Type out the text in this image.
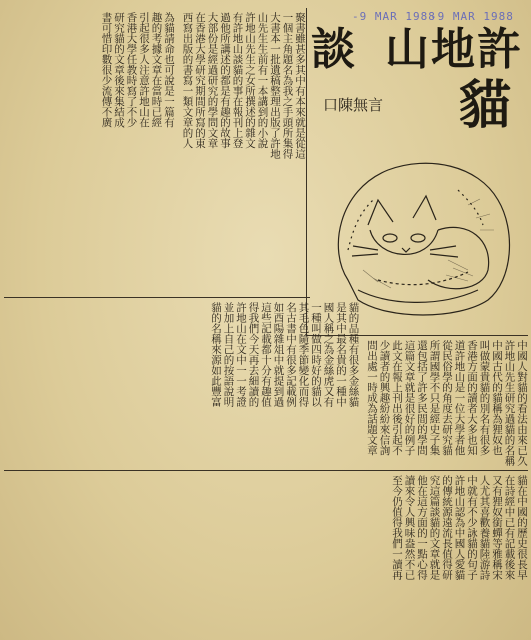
-9 MAR 1988
-9 MAR 1988
許
地
山
談
貓
口陳無言
聚書雖甚多其中有本來就是從這
一個主角題名為我之手頭所集得
大書本一批遺稿整理出版了許地
山先生生前有一本講到的小說
許地山先生之女所撰述的雜文
有許地山談貓的事在報刊上登
過他所講述的都是有趣的故事
大部份是經過研究的學問文章
在香港大學研究期間所寫的東
西寫出版的書寫一類文章的人
為貓請命也可說是一篇有
趣的考據文章在當時已經
引起很多人注意許地山在
香港大學任教時寫了不少
研究貓的文章後來集結成
書可惜印數很少流傳不廣
中國人對貓的看法由來已久
許地山先生研究過貓的名稱
中國古代的貓稱為狸奴也
叫做蒙貴貓的別名有很多
香港方面的讀者大多也知
道許地山是一位大學者他
從民俗學的角度去研究貓
所謂國學不只是經史子集
還包括了許多民間的學問
這篇文章就是很好的例子
此文在報上刊出後引起不
少讀者的興趣紛紛來信詢
問出處一時成為話題文章
貓的品種有很多金絲貓
是其中最名貴的一種中
國人稱之為金絲虎又有
一種叫做四時好的貓以
其毛色隨季節變化而得
名古書中有很多記載例
如酉陽雜俎中就提到過
這些記載都十分有趣值
得我們今天再去細讀的
許地山在文中一一考證
並加上自己的按語說明
貓的名稱來源如此豐富
貓在中國的歷史很長早
在詩經中已有記載後來
又有狸奴銜蟬等雅稱宋
人尤其喜歡養貓陸游詩
中就有不少詠貓的句子
許地山認為中國人愛貓
的傳統源遠流長值得研
究這篇談貓的文章就是
他在這方面的一點心得
讀來令人興味盎然不已
至今仍值得我們一讀再
